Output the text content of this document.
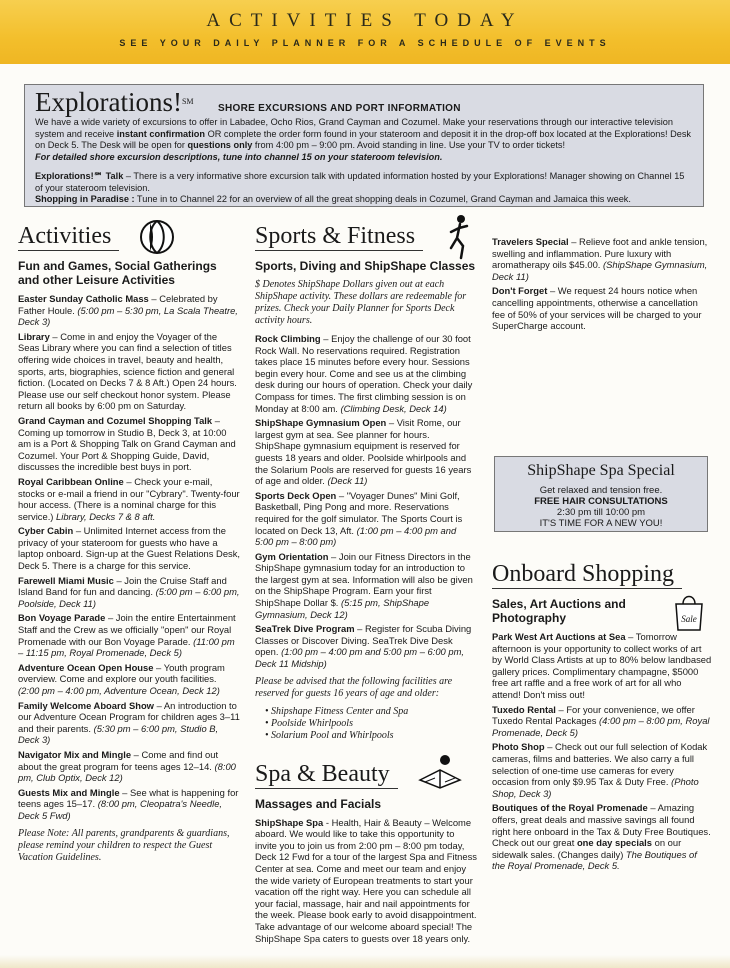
ACTIVITIES TODAY
SEE YOUR DAILY PLANNER FOR A SCHEDULE OF EVENTS
Explorations!℠ SHORE EXCURSIONS AND PORT INFORMATION

We have a wide variety of excursions to offer in Labadee, Ocho Rios, Grand Cayman and Cozumel. Make your reservations through our interactive television system and receive instant confirmation OR complete the order form found in your stateroom and deposit it in the drop-off box located at the Explorations! Desk on Deck 5. The Desk will be open for questions only from 4:00 pm – 9:00 pm. Avoid standing in line. Use your TV to order tickets!

For detailed shore excursion descriptions, tune into channel 15 on your stateroom television.

Explorations!℠ Talk – There is a very informative shore excursion talk with updated information hosted by your Explorations! Manager showing on Channel 15 of your stateroom television.

Shopping in Paradise : Tune in to Channel 22 for an overview of all the great shopping deals in Cozumel, Grand Cayman and Jamaica this week.

Activities
Fun and Games, Social Gatherings and other Leisure Activities
Easter Sunday Catholic Mass – Celebrated by Father Houle. (5:00 pm – 5:30 pm, La Scala Theatre, Deck 3)
Library – Come in and enjoy the Voyager of the Seas Library where you can find a selection of titles offering wide choices in travel, beauty and health, sports, arts, biographies, science fiction and general fiction. (Located on Decks 7 & 8 Aft.) Open 24 hours. Please use our self checkout honor system. Please return all books by 6:00 pm on Saturday.
Grand Cayman and Cozumel Shopping Talk – Coming up tomorrow in Studio B, Deck 3, at 10:00 am is a Port & Shopping Talk on Grand Cayman and Cozumel. Your Port & Shopping Guide, David, discusses the incredible best buys in port.
Royal Caribbean Online – Check your e-mail, stocks or e-mail a friend in our "Cybrary". Twenty-four hour access. (There is a nominal charge for this service.) Library, Decks 7 & 8 aft.
Cyber Cabin – Unlimited Internet access from the privacy of your stateroom for guests who have a laptop onboard. Sign-up at the Guest Relations Desk, Deck 5. There is a charge for this service.
Farewell Miami Music – Join the Cruise Staff and Island Band for fun and dancing. (5:00 pm – 6:00 pm, Poolside, Deck 11)
Bon Voyage Parade – Join the entire Entertainment Staff and the Crew as we officially "open" our Royal Promenade with our Bon Voyage Parade. (11:00 pm – 11:15 pm, Royal Promenade, Deck 5)
Adventure Ocean Open House – Youth program overview. Come and explore our youth facilities. (2:00 pm – 4:00 pm, Adventure Ocean, Deck 12)
Family Welcome Aboard Show – An introduction to our Adventure Ocean Program for children ages 3–11 and their parents. (5:30 pm – 6:00 pm, Studio B, Deck 3)
Navigator Mix and Mingle – Come and find out about the great program for teens ages 12–14. (8:00 pm, Club Optix, Deck 12)
Guests Mix and Mingle – See what is happening for teens ages 15–17. (8:00 pm, Cleopatra's Needle, Deck 5 Fwd)
Please Note: All parents, grandparents & guardians, please remind your children to respect the Guest Vacation Guidelines.
Sports & Fitness
Sports, Diving and ShipShape Classes
$ Denotes ShipShape Dollars given out at each ShipShape activity. These dollars are redeemable for prizes. Check your Daily Planner for Sports Deck activity hours.
Rock Climbing – Enjoy the challenge of our 30 foot Rock Wall. No reservations required. Registration takes place 15 minutes before every hour. Sessions begin every hour. Come and see us at the climbing desk during our hours of operation. Check your daily Compass for times. The first climbing session is on Monday at 8:00 am. (Climbing Desk, Deck 14)
ShipShape Gymnasium Open – Visit Rome, our largest gym at sea. See planner for hours. ShipShape gymnasium equipment is reserved for guests 18 years and older. Poolside whirlpools and the Solarium Pools are reserved for guests 16 years of age and older. (Deck 11)
Sports Deck Open – "Voyager Dunes" Mini Golf, Basketball, Ping Pong and more. Reservations required for the golf simulator. The Sports Court is located on Deck 13, Aft. (1:00 pm – 4:00 pm and 5:00 pm – 8:00 pm)
Gym Orientation – Join our Fitness Directors in the ShipShape gymnasium today for an introduction to the largest gym at sea. Information will also be given on the ShipShape Program. Earn your first ShipShape Dollar $. (5:15 pm, ShipShape Gymnasium, Deck 12)
SeaTrek Dive Program – Register for Scuba Diving Classes or Discover Diving. SeaTrek Dive Desk open. (1:00 pm – 4:00 pm and 5:00 pm – 6:00 pm, Deck 11 Midship)
Please be advised that the following facilities are reserved for guests 16 years of age and older:
• Shipshape Fitness Center and Spa
• Poolside Whirlpools
• Solarium Pool and Whirlpools
Spa & Beauty
Massages and Facials
ShipShape Spa - Health, Hair & Beauty – Welcome aboard. We would like to take this opportunity to invite you to join us from 2:00 pm – 8:00 pm today, Deck 12 Fwd for a tour of the largest Spa and Fitness Center at sea. Come and meet our team and enjoy the wide variety of European treatments to start your vacation off the right way. Here you can schedule all your facial, massage, hair and nail appointments for the week. Please book early to avoid disappointment. Take advantage of our welcome aboard special! The ShipShape Spa caters to guests over 18 years only.
Travelers Special – Relieve foot and ankle tension, swelling and inflammation. Pure luxury with aromatherapy oils $45.00. (ShipShape Gymnasium, Deck 11)
Don't Forget – We request 24 hours notice when cancelling appointments, otherwise a cancellation fee of 50% of your services will be charged to your SuperCharge account.
ShipShape Spa Special
Get relaxed and tension free.
FREE HAIR CONSULTATIONS
2:30 pm till 10:00 pm
IT'S TIME FOR A NEW YOU!
Onboard Shopping
Sale
Sales, Art Auctions and Photography
Park West Art Auctions at Sea – Tomorrow afternoon is your opportunity to collect works of art by World Class Artists at up to 80% below landbased gallery prices. Complimentary champagne, $5000 free art raffle and a free work of art for all who attend! Don't miss out!
Tuxedo Rental – For your convenience, we offer Tuxedo Rental Packages (4:00 pm – 8:00 pm, Royal Promenade, Deck 5)
Photo Shop – Check out our full selection of Kodak cameras, films and batteries. We also carry a full selection of one-time use cameras for every occasion from only $9.95 Tax & Duty Free. (Photo Shop, Deck 3)
Boutiques of the Royal Promenade – Amazing offers, great deals and massive savings all found right here onboard in the Tax & Duty Free Boutiques. Check out our great one day specials on our sidewalk sales. (Changes daily) The Boutiques of the Royal Promenade, Deck 5.
